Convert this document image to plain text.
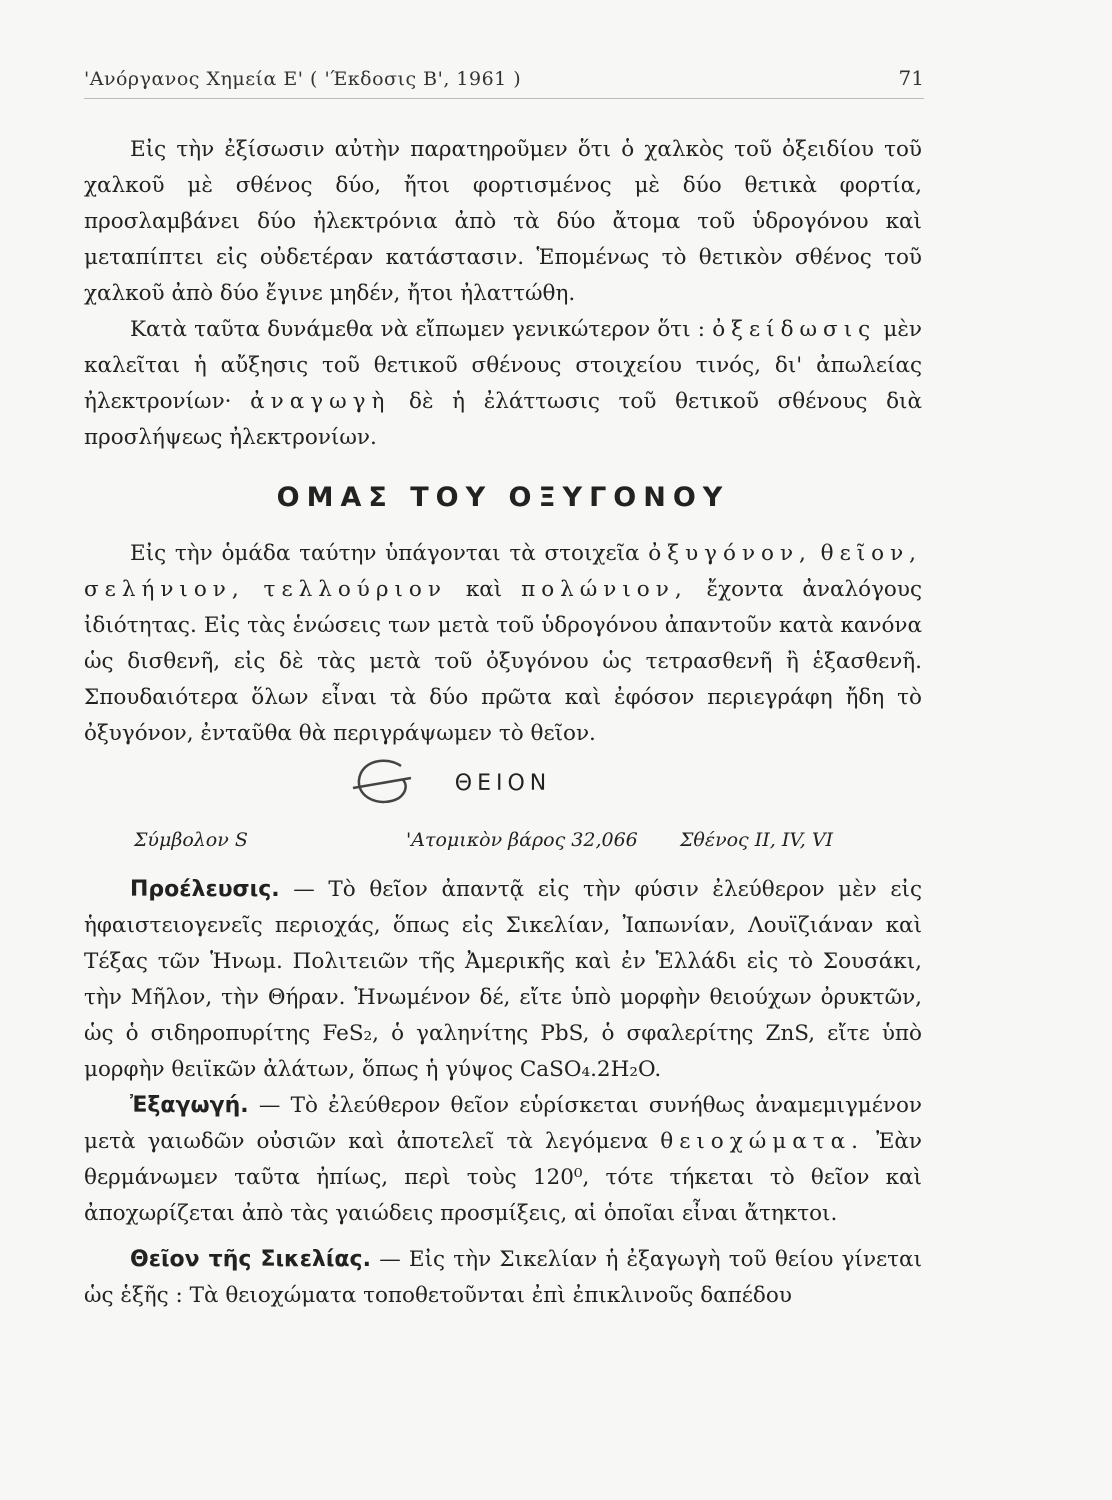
'Ανόργανος Χημεία Ε' ( 'Έκδοσις Β', 1961 )	71

Εἰς τὴν ἐξίσωσιν αὐτὴν παρατηροῦμεν ὅτι ὁ χαλκὸς τοῦ ὀξειδίου τοῦ χαλκοῦ μὲ σθένος δύο, ἤτοι φορτισμένος μὲ δύο θετικὰ φορτία, προσλαμβάνει δύο ἠλεκτρόνια ἀπὸ τὰ δύο ἄτομα τοῦ ὑδρογόνου καὶ μεταπίπτει εἰς οὐδετέραν κατάστασιν. Ἑπομένως τὸ θετικὸν σθένος τοῦ χαλκοῦ ἀπὸ δύο ἔγινε μηδέν, ἤτοι ἠλαττώθη.

Κατὰ ταῦτα δυνάμεθα νὰ εἴπωμεν γενικώτερον ὅτι : ὀξείδωσις μὲν καλεῖται ἡ αὔξησις τοῦ θετικοῦ σθένους στοιχείου τινός, δι' ἀπωλείας ἠλεκτρονίων· ἀναγωγὴ δὲ ἡ ἐλάττωσις τοῦ θετικοῦ σθένους διὰ προσλήψεως ἠλεκτρονίων.

ΟΜΑΣ ΤΟΥ ΟΞΥΓΟΝΟΥ

Εἰς τὴν ὁμάδα ταύτην ὑπάγονται τὰ στοιχεῖα ὀξυγόνον, θεῖον, σελήνιον, τελλούριον καὶ πολώνιον, ἔχοντα ἀναλόγους ἰδιότητας. Εἰς τὰς ἑνώσεις των μετὰ τοῦ ὑδρογόνου ἀπαντοῦν κατὰ κανόνα ὡς δισθενῆ, εἰς δὲ τὰς μετὰ τοῦ ὀξυγόνου ὡς τετρασθενῆ ἢ ἑξασθενῆ. Σπουδαιότερα ὅλων εἶναι τὰ δύο πρῶτα καὶ ἐφόσον περιεγράφη ἤδη τὸ ὀξυγόνον, ἐνταῦθα θὰ περιγράψωμεν τὸ θεῖον.

ΘΕΙΟΝ
Σύμβολον S	'Ατομικὸν βάρος 32,066 Σθένος II, IV, VI

Προέλευσις. — Τὸ θεῖον ἀπαντᾷ εἰς τὴν φύσιν ἐλεύθερον μὲν εἰς ἡφαιστειογενεῖς περιοχάς, ὅπως εἰς Σικελίαν, Ἰαπωνίαν, Λουϊζιάναν καὶ Τέξας τῶν Ἡνωμ. Πολιτειῶν τῆς Ἀμερικῆς καὶ ἐν Ἑλλάδι εἰς τὸ Σουσάκι, τὴν Μῆλον, τὴν Θήραν. Ἡνωμένον δέ, εἴτε ὑπὸ μορφὴν θειούχων ὀρυκτῶν, ὡς ὁ σιδηροπυρίτης FeS₂, ὁ γαληνίτης PbS, ὁ σφαλερίτης ZnS, εἴτε ὑπὸ μορφὴν θειϊκῶν ἀλάτων, ὅπως ἡ γύψος CaSO₄.2H₂O.

Ἐξαγωγή. — Τὸ ἐλεύθερον θεῖον εὑρίσκεται συνήθως ἀναμεμιγμένον μετὰ γαιωδῶν οὐσιῶν καὶ ἀποτελεῖ τὰ λεγόμενα θειοχώματα. Ἐὰν θερμάνωμεν ταῦτα ἠπίως, περὶ τοὺς 120⁰, τότε τήκεται τὸ θεῖον καὶ ἀποχωρίζεται ἀπὸ τὰς γαιώδεις προσμίξεις, αἱ ὁποῖαι εἶναι ἄτηκτοι.

Θεῖον τῆς Σικελίας. — Εἰς τὴν Σικελίαν ἡ ἐξαγωγὴ τοῦ θείου γίνεται ὡς ἑξῆς : Τὰ θειοχώματα τοποθετοῦνται ἐπὶ ἐπικλινοῦς δαπέδου
